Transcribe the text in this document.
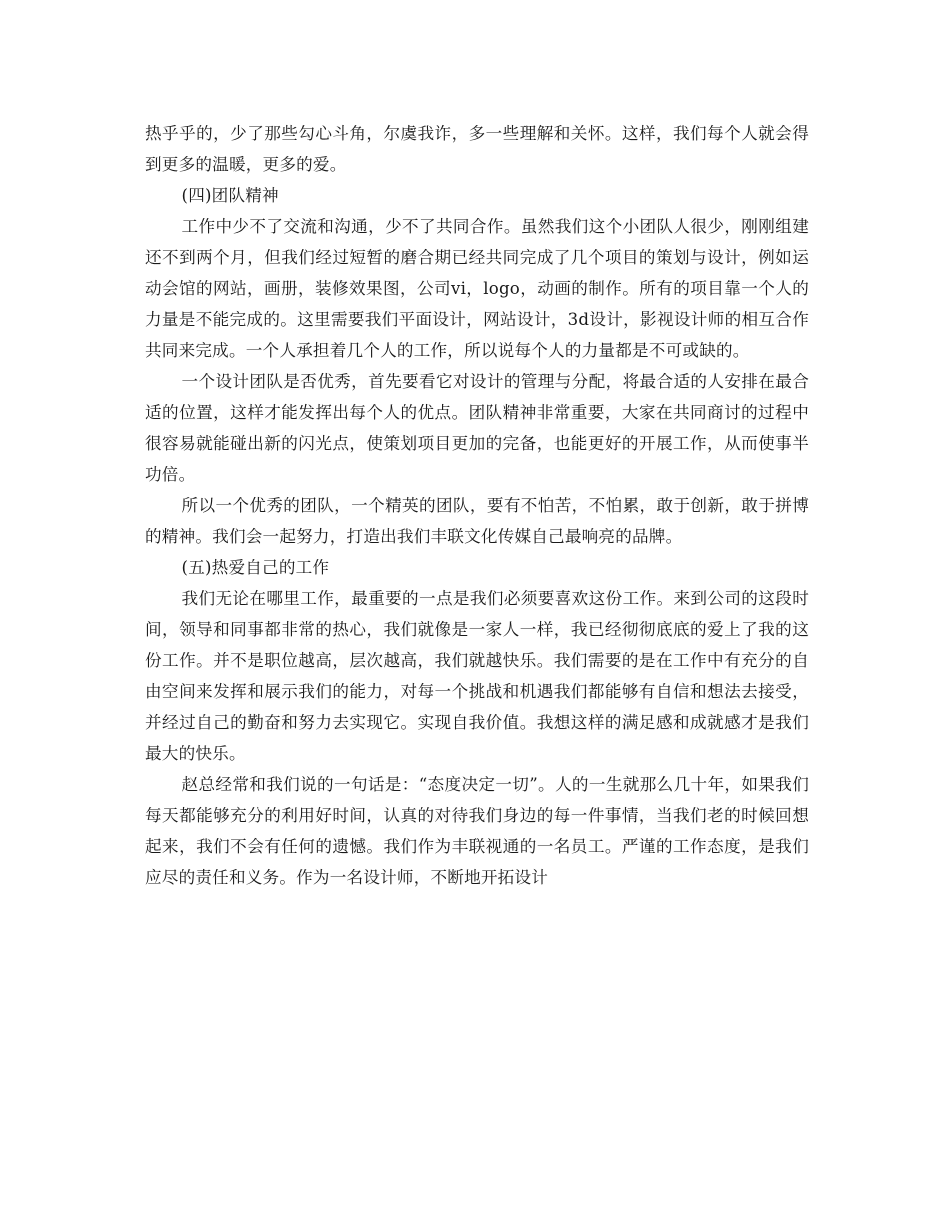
热乎乎的，少了那些勾心斗角，尔虞我诈，多一些理解和关怀。这样，我们每个人就会得到更多的温暖，更多的爱。

(四)团队精神

工作中少不了交流和沟通，少不了共同合作。虽然我们这个小团队人很少，刚刚组建还不到两个月，但我们经过短暂的磨合期已经共同完成了几个项目的策划与设计，例如运动会馆的网站，画册，装修效果图，公司vi，logo，动画的制作。所有的项目靠一个人的力量是不能完成的。这里需要我们平面设计，网站设计，3d设计，影视设计师的相互合作共同来完成。一个人承担着几个人的工作，所以说每个人的力量都是不可或缺的。

一个设计团队是否优秀，首先要看它对设计的管理与分配，将最合适的人安排在最合适的位置，这样才能发挥出每个人的优点。团队精神非常重要，大家在共同商讨的过程中很容易就能碰出新的闪光点，使策划项目更加的完备，也能更好的开展工作，从而使事半功倍。

所以一个优秀的团队，一个精英的团队，要有不怕苦，不怕累，敢于创新，敢于拼博的精神。我们会一起努力，打造出我们丰联文化传媒自己最响亮的品牌。

(五)热爱自己的工作

我们无论在哪里工作，最重要的一点是我们必须要喜欢这份工作。来到公司的这段时间，领导和同事都非常的热心，我们就像是一家人一样，我已经彻彻底底的爱上了我的这份工作。并不是职位越高，层次越高，我们就越快乐。我们需要的是在工作中有充分的自由空间来发挥和展示我们的能力，对每一个挑战和机遇我们都能够有自信和想法去接受，并经过自己的勤奋和努力去实现它。实现自我价值。我想这样的满足感和成就感才是我们最大的快乐。

赵总经常和我们说的一句话是：“态度决定一切”。人的一生就那么几十年，如果我们每天都能够充分的利用好时间，认真的对待我们身边的每一件事情，当我们老的时候回想起来，我们不会有任何的遗憾。我们作为丰联视通的一名员工。严谨的工作态度，是我们应尽的责任和义务。作为一名设计师，不断地开拓设计
